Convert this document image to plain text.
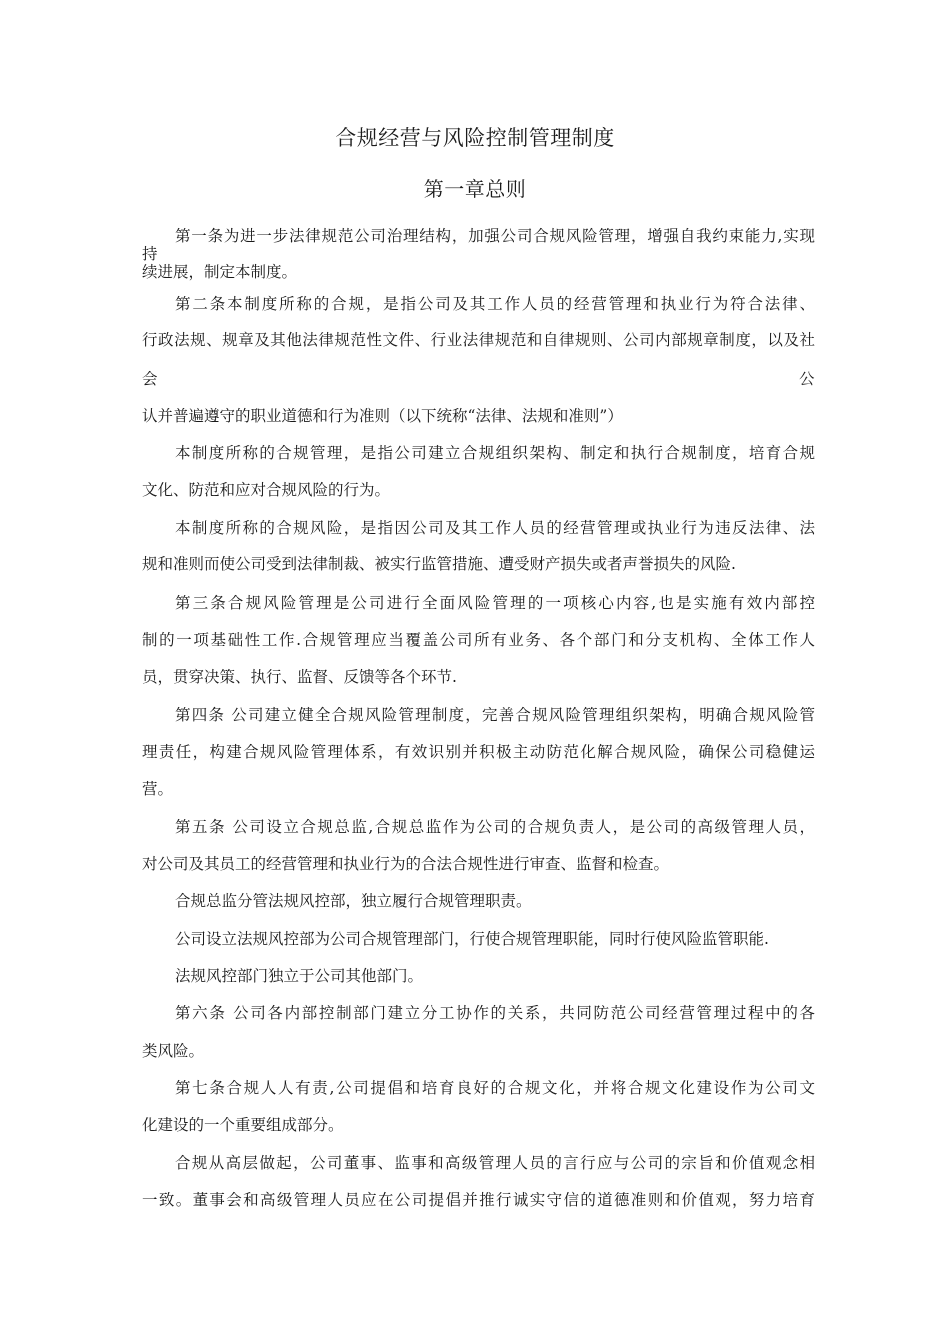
合规经营与风险控制管理制度
第一章总则
第一条为进一步法律规范公司治理结构，加强公司合规风险管理，增强自我约束能力,实现
持
续进展，制定本制度。
第二条本制度所称的合规，是指公司及其工作人员的经营管理和执业行为符合法律、
行政法规、规章及其他法律规范性文件、行业法律规范和自律规则、公司内部规章制度，以及社
会	公
认并普遍遵守的职业道德和行为准则（以下统称“法律、法规和准则”）
本制度所称的合规管理，是指公司建立合规组织架构、制定和执行合规制度，培育合规
文化、防范和应对合规风险的行为。
本制度所称的合规风险，是指因公司及其工作人员的经营管理或执业行为违反法律、法
规和准则而使公司受到法律制裁、被实行监管措施、遭受财产损失或者声誉损失的风险.
第三条合规风险管理是公司进行全面风险管理的一项核心内容,也是实施有效内部控
制的一项基础性工作.合规管理应当覆盖公司所有业务、各个部门和分支机构、全体工作人
员，贯穿决策、执行、监督、反馈等各个环节.
第四条 公司建立健全合规风险管理制度，完善合规风险管理组织架构，明确合规风险管
理责任，构建合规风险管理体系，有效识别并积极主动防范化解合规风险，确保公司稳健运
营。
第五条 公司设立合规总监,合规总监作为公司的合规负责人，是公司的高级管理人员，
对公司及其员工的经营管理和执业行为的合法合规性进行审查、监督和检查。
合规总监分管法规风控部，独立履行合规管理职责。
公司设立法规风控部为公司合规管理部门，行使合规管理职能，同时行使风险监管职能.
法规风控部门独立于公司其他部门。
第六条 公司各内部控制部门建立分工协作的关系，共同防范公司经营管理过程中的各
类风险。
第七条合规人人有责,公司提倡和培育良好的合规文化，并将合规文化建设作为公司文
化建设的一个重要组成部分。
合规从高层做起，公司董事、监事和高级管理人员的言行应与公司的宗旨和价值观念相
一致。董事会和高级管理人员应在公司提倡并推行诚实守信的道德准则和价值观，努力培育
